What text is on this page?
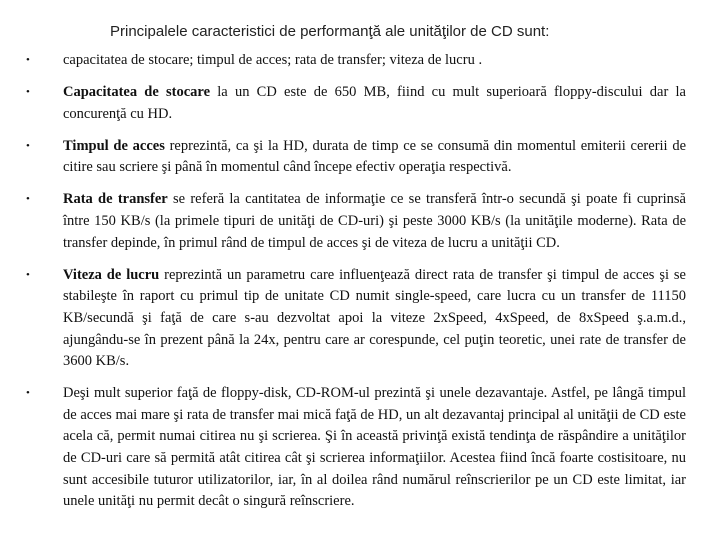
Principalele caracteristici de performanţă ale unităţilor de CD sunt:
•	capacitatea de stocare; timpul de acces; rata de transfer; viteza de lucru .
•	Capacitatea de stocare la un CD este de 650 MB, fiind cu mult superioară floppy-discului dar la concurenţă cu HD.
•	Timpul de acces reprezintă, ca şi la HD, durata de timp ce se consumă din momentul emiterii cererii de citire sau scriere şi până în momentul când începe efectiv operaţia respectivă.
•	Rata de transfer se referă la cantitatea de informaţie ce se transferă într-o secundă şi poate fi cuprinsă între 150 KB/s (la primele tipuri de unităţi de CD-uri) şi peste 3000 KB/s (la unităţile moderne). Rata de transfer depinde, în primul rând de timpul de acces şi de viteza de lucru a unităţii CD.
•	Viteza de lucru reprezintă un parametru care influenţează direct rata de transfer şi timpul de acces şi se stabileşte în raport cu primul tip de unitate CD numit single-speed, care lucra cu un transfer de 11150 KB/secundă şi faţă de care s-au dezvoltat apoi la viteze 2xSpeed, 4xSpeed, de 8xSpeed ş.a.m.d., ajungându-se în prezent până la 24x, pentru care ar corespunde, cel puţin teoretic, unei rate de transfer de 3600 KB/s.
•	Deşi mult superior faţă de floppy-disk, CD-ROM-ul prezintă şi unele dezavantaje. Astfel, pe lângă timpul de acces mai mare şi rata de transfer mai mică faţă de HD, un alt dezavantaj principal al unităţii de CD este acela că, permit numai citirea nu şi scrierea. Şi în această privinţă există tendinţa de răspândire a unităţilor de CD-uri care să permită atât citirea cât şi scrierea informaţiilor. Acestea fiind încă foarte costisitoare, nu sunt accesibile tuturor utilizatorilor, iar, în al doilea rând numărul reînscrierilor pe un CD este limitat, iar unele unităţi nu permit decât o singură reînscriere.
